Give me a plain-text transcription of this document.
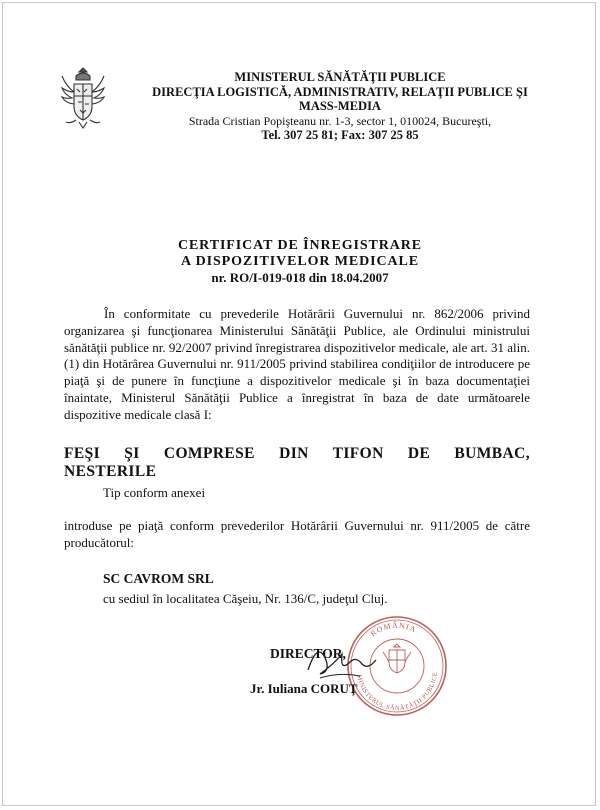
MINISTERUL SĂNĂTĂŢII PUBLICE
DIRECŢIA LOGISTICĂ, ADMINISTRATIV, RELAŢII PUBLICE ŞI
MASS-MEDIA
Strada Cristian Popişteanu nr. 1-3, sector 1, 010024, Bucureşti,
Tel. 307 25 81; Fax: 307 25 85
CERTIFICAT DE ÎNREGISTRARE
A DISPOZITIVELOR MEDICALE
nr. RO/I-019-018 din 18.04.2007
În conformitate cu prevederile Hotărârii Guvernului nr. 862/2006 privind organizarea şi funcţionarea Ministerului Sănătăţii Publice, ale Ordinului ministrului sănătăţii publice nr. 92/2007 privind înregistrarea dispozitivelor medicale, ale art. 31 alin. (1) din Hotărârea Guvernului nr. 911/2005 privind stabilirea condiţiilor de introducere pe piaţă şi de punere în funcţiune a dispozitivelor medicale şi în baza documentaţiei înaintate, Ministerul Sănătăţii Publice a înregistrat în baza de date următoarele dispozitive medicale clasă I:
FEŞI ŞI COMPRESE DIN TIFON DE BUMBAC,
NESTERILE
Tip conform anexei
introduse pe piaţă conform prevederilor Hotărârii Guvernului nr. 911/2005 de către producătorul:
SC CAVROM SRL
cu sediul în localitatea Căşeiu, Nr. 136/C, judeţul Cluj.
ROMÂNIA
MINISTERUL SĂNĂTĂŢII PUBLICE
DIRECTOR,
Jr. Iuliana CORUŢ
